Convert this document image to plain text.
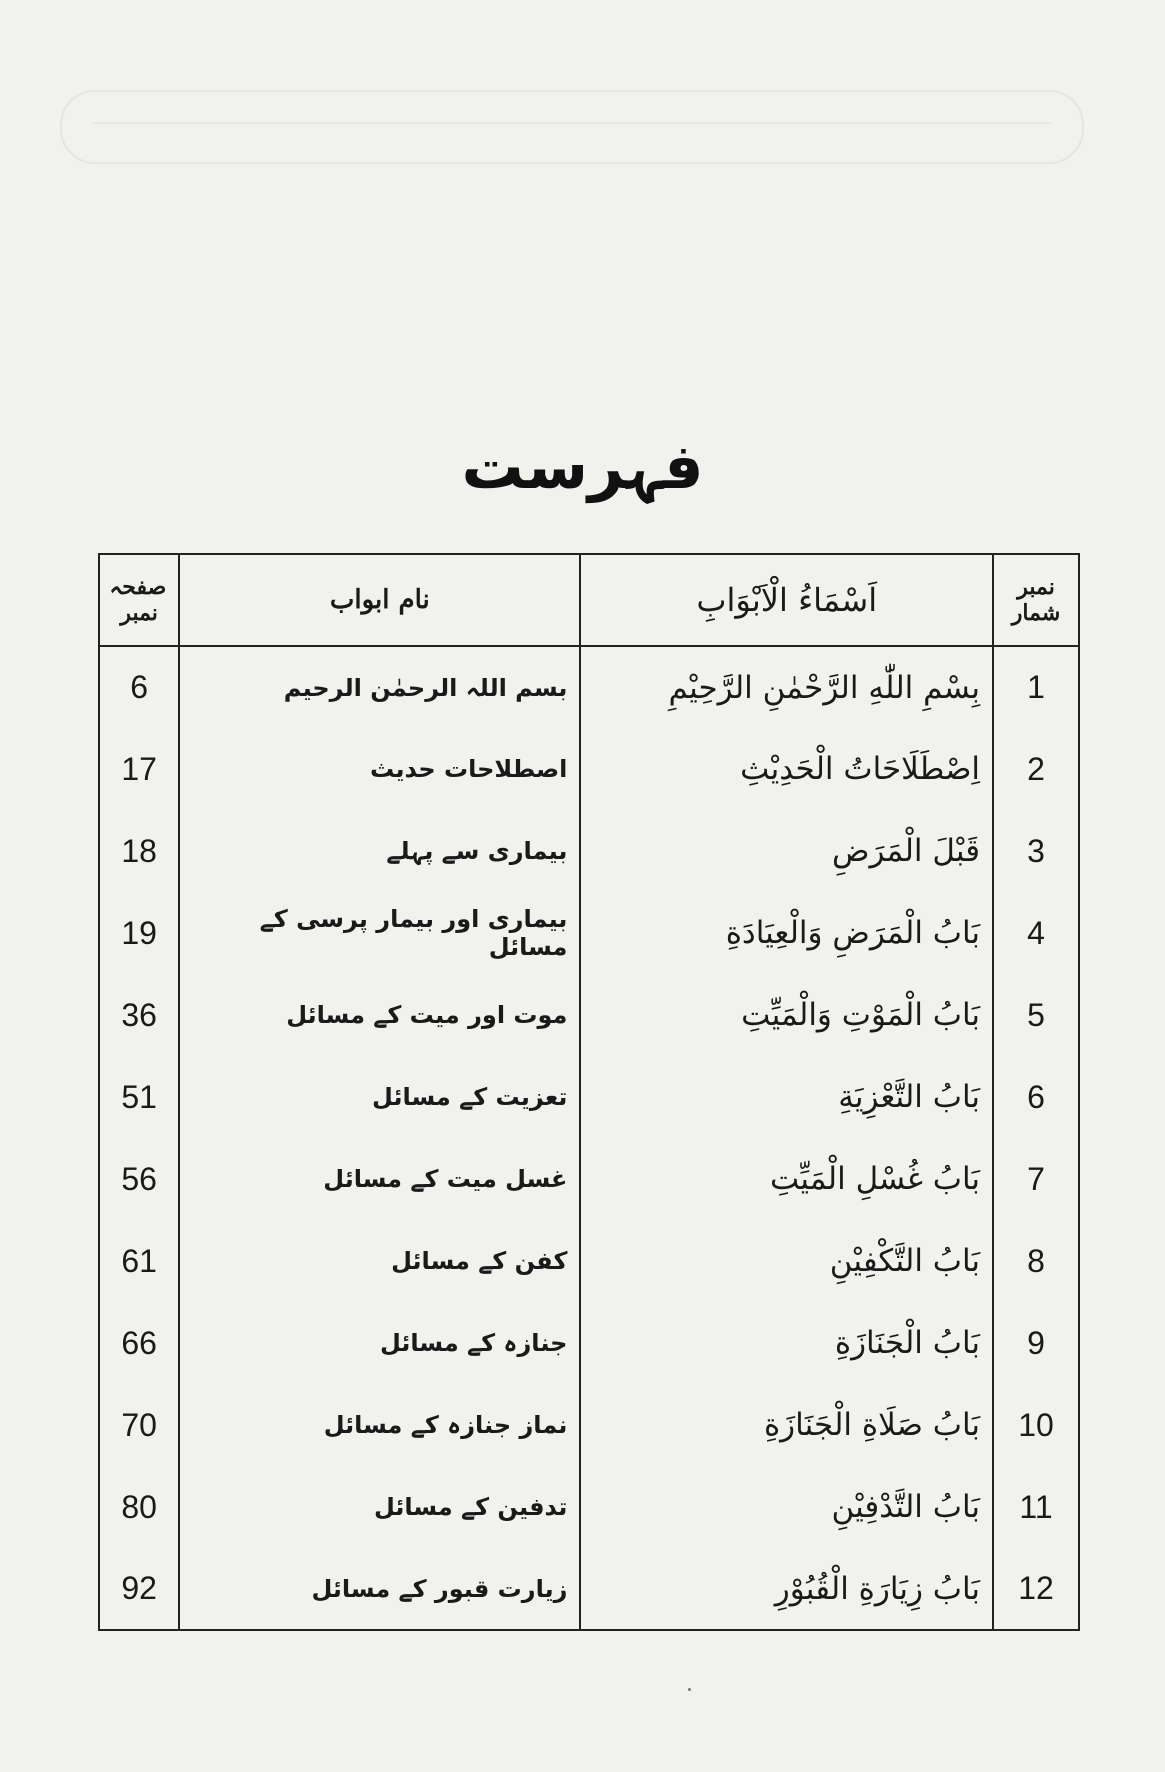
فہرست
نمبر شمار	اَسْمَاءُ الْاَبْوَابِ	نام ابواب	صفحہ نمبر
1	بِسْمِ اللّٰهِ الرَّحْمٰنِ الرَّحِيْمِ	بسم اللہ الرحمٰن الرحیم	6
2	اِصْطَلَاحَاتُ الْحَدِيْثِ	اصطلاحات حدیث	17
3	قَبْلَ الْمَرَضِ	بیماری سے پہلے	18
4	بَابُ الْمَرَضِ وَالْعِيَادَةِ	بیماری اور بیمار پرسی کے مسائل	19
5	بَابُ الْمَوْتِ وَالْمَيِّتِ	موت اور میت کے مسائل	36
6	بَابُ التَّعْزِيَةِ	تعزیت کے مسائل	51
7	بَابُ غُسْلِ الْمَيِّتِ	غسل میت کے مسائل	56
8	بَابُ التَّكْفِيْنِ	کفن کے مسائل	61
9	بَابُ الْجَنَازَةِ	جنازہ کے مسائل	66
10	بَابُ صَلَاةِ الْجَنَازَةِ	نماز جنازہ کے مسائل	70
11	بَابُ التَّدْفِيْنِ	تدفین کے مسائل	80
12	بَابُ زِيَارَةِ الْقُبُوْرِ	زیارت قبور کے مسائل	92
